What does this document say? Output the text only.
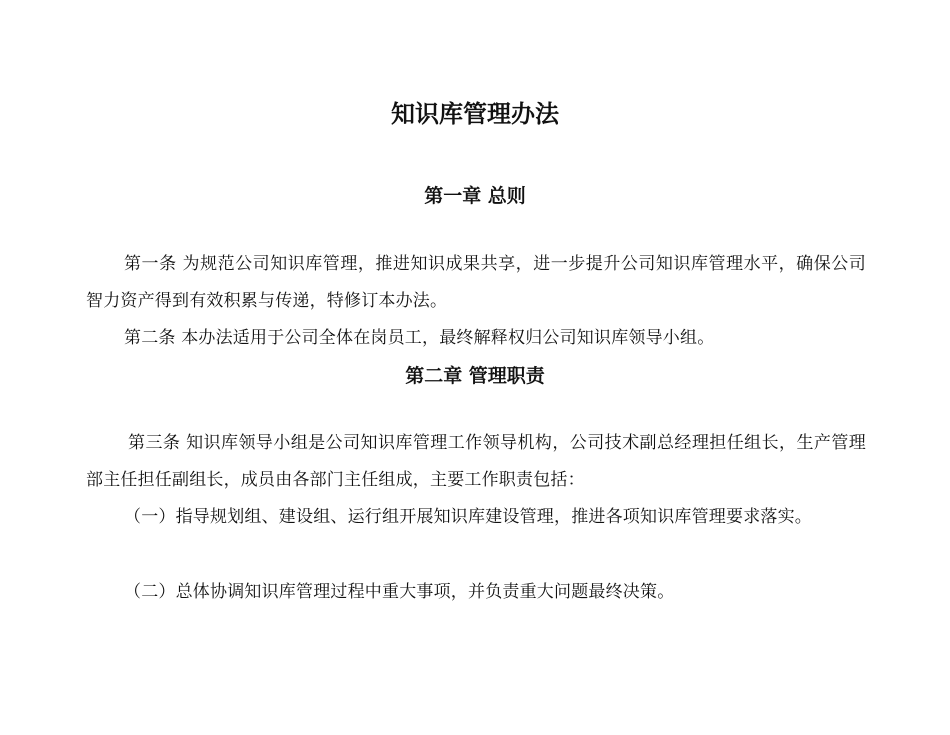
知识库管理办法
第一章 总则

第一条 为规范公司知识库管理，推进知识成果共享，进一步提升公司知识库管理水平，确保公司智力资产得到有效积累与传递，特修订本办法。

第二条 本办法适用于公司全体在岗员工，最终解释权归公司知识库领导小组。

第二章 管理职责

第三条 知识库领导小组是公司知识库管理工作领导机构，公司技术副总经理担任组长，生产管理部主任担任副组长，成员由各部门主任组成，主要工作职责包括：

（一）指导规划组、建设组、运行组开展知识库建设管理，推进各项知识库管理要求落实。

（二）总体协调知识库管理过程中重大事项，并负责重大问题最终决策。
